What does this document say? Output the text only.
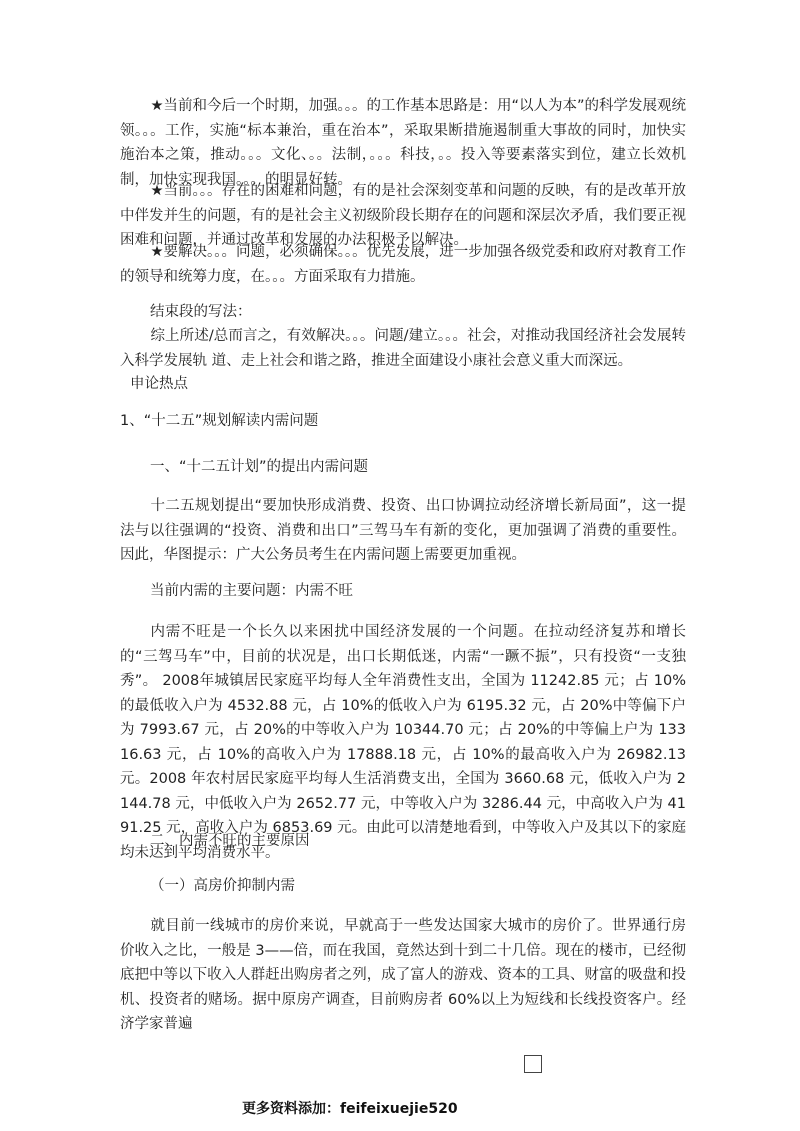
★当前和今后一个时期，加强。。。的工作基本思路是：用“以人为本”的科学发展观统领。。。工作，实施“标本兼治，重在治本”，采取果断措施遏制重大事故的同时，加快实施治本之策，推动。。。文化、。。法制，。。。科技，。。投入等要素落实到位，建立长效机制，加快实现我国。。。的明显好转。

★当前。。。存在的困难和问题，有的是社会深刻变革和问题的反映，有的是改革开放中伴发并生的问题，有的是社会主义初级阶段长期存在的问题和深层次矛盾，我们要正视困难和问题，并通过改革和发展的办法积极予以解决。

★要解决。。。问题，必须确保。。。优先发展，进一步加强各级党委和政府对教育工作的领导和统筹力度，在。。。方面采取有力措施。

结束段的写法：

综上所述/总而言之，有效解决。。。问题/建立。。。社会，对推动我国经济社会发展转入科学发展轨 道、走上社会和谐之路，推进全面建设小康社会意义重大而深远。

申论热点

1、“十二五”规划解读内需问题

一、“十二五计划”的提出内需问题

十二五规划提出“要加快形成消费、投资、出口协调拉动经济增长新局面”，这一提法与以往强调的“投资、消费和出口”三驾马车有新的变化，更加强调了消费的重要性。因此，华图提示：广大公务员考生在内需问题上需要更加重视。

当前内需的主要问题：内需不旺

内需不旺是一个长久以来困扰中国经济发展的一个问题。在拉动经济复苏和增长的“三驾马车”中，目前的状况是，出口长期低迷，内需“一蹶不振”，只有投资“一支独秀”。 2008年城镇居民家庭平均每人全年消费性支出，全国为 11242.85 元；占 10%的最低收入户为 4532.88 元，占 10%的低收入户为 6195.32 元，占 20%中等偏下户为 7993.67 元，占 20%的中等收入户为 10344.70 元；占 20%的中等偏上户为 13316.63 元，占 10%的高收入户为 17888.18 元，占 10%的最高收入户为 26982.13 元。2008 年农村居民家庭平均每人生活消费支出，全国为 3660.68 元，低收入户为 2144.78 元，中低收入户为 2652.77 元，中等收入户为 3286.44 元，中高收入户为 4191.25 元，高收入户为 6853.69 元。由此可以清楚地看到，中等收入户及其以下的家庭均未达到平均消费水平。

二、内需不旺的主要原因

（一）高房价抑制内需

就目前一线城市的房价来说，早就高于一些发达国家大城市的房价了。世界通行房价收入之比，一般是 3——倍，而在我国，竟然达到十到二十几倍。现在的楼市，已经彻底把中等以下收入人群赶出购房者之列，成了富人的游戏、资本的工具、财富的吸盘和投机、投资者的赌场。据中原房产调查，目前购房者 60%以上为短线和长线投资客户。经济学家普遍

更多资料添加：feifeixuejie520
